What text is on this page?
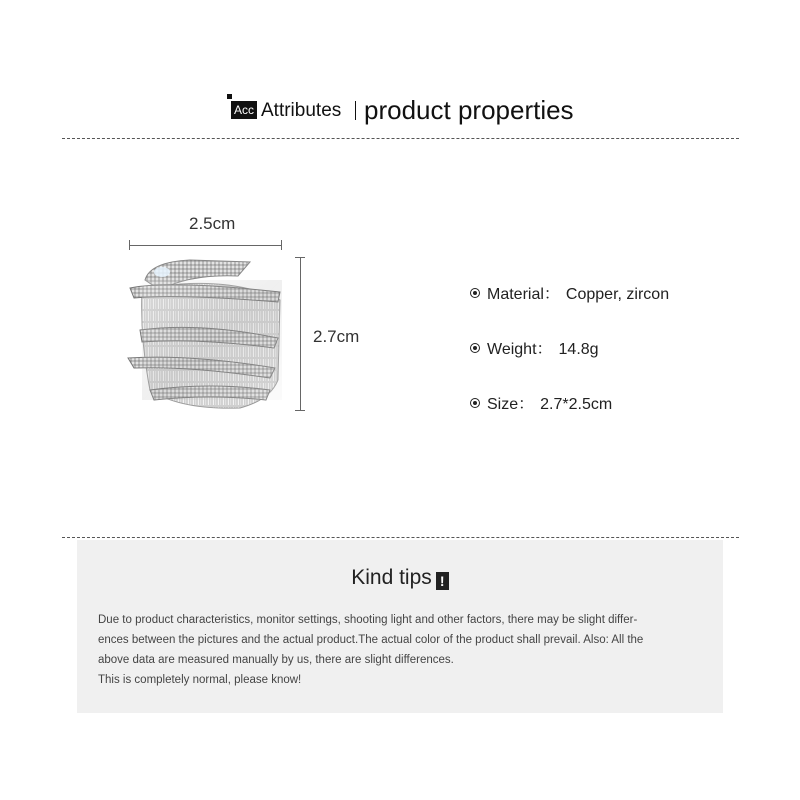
Acc Attributes product properties
2.5cm
2.7cm
Material： Copper, zircon
Weight： 14.8g
Size： 2.7*2.5cm
Kind tips !

Due to product characteristics, monitor settings, shooting light and other factors, there may be slight differ-

ences between the pictures and the actual product.The actual color of the product shall prevail. Also: All the

above data are measured manually by us, there are slight differences.

This is completely normal, please know!
